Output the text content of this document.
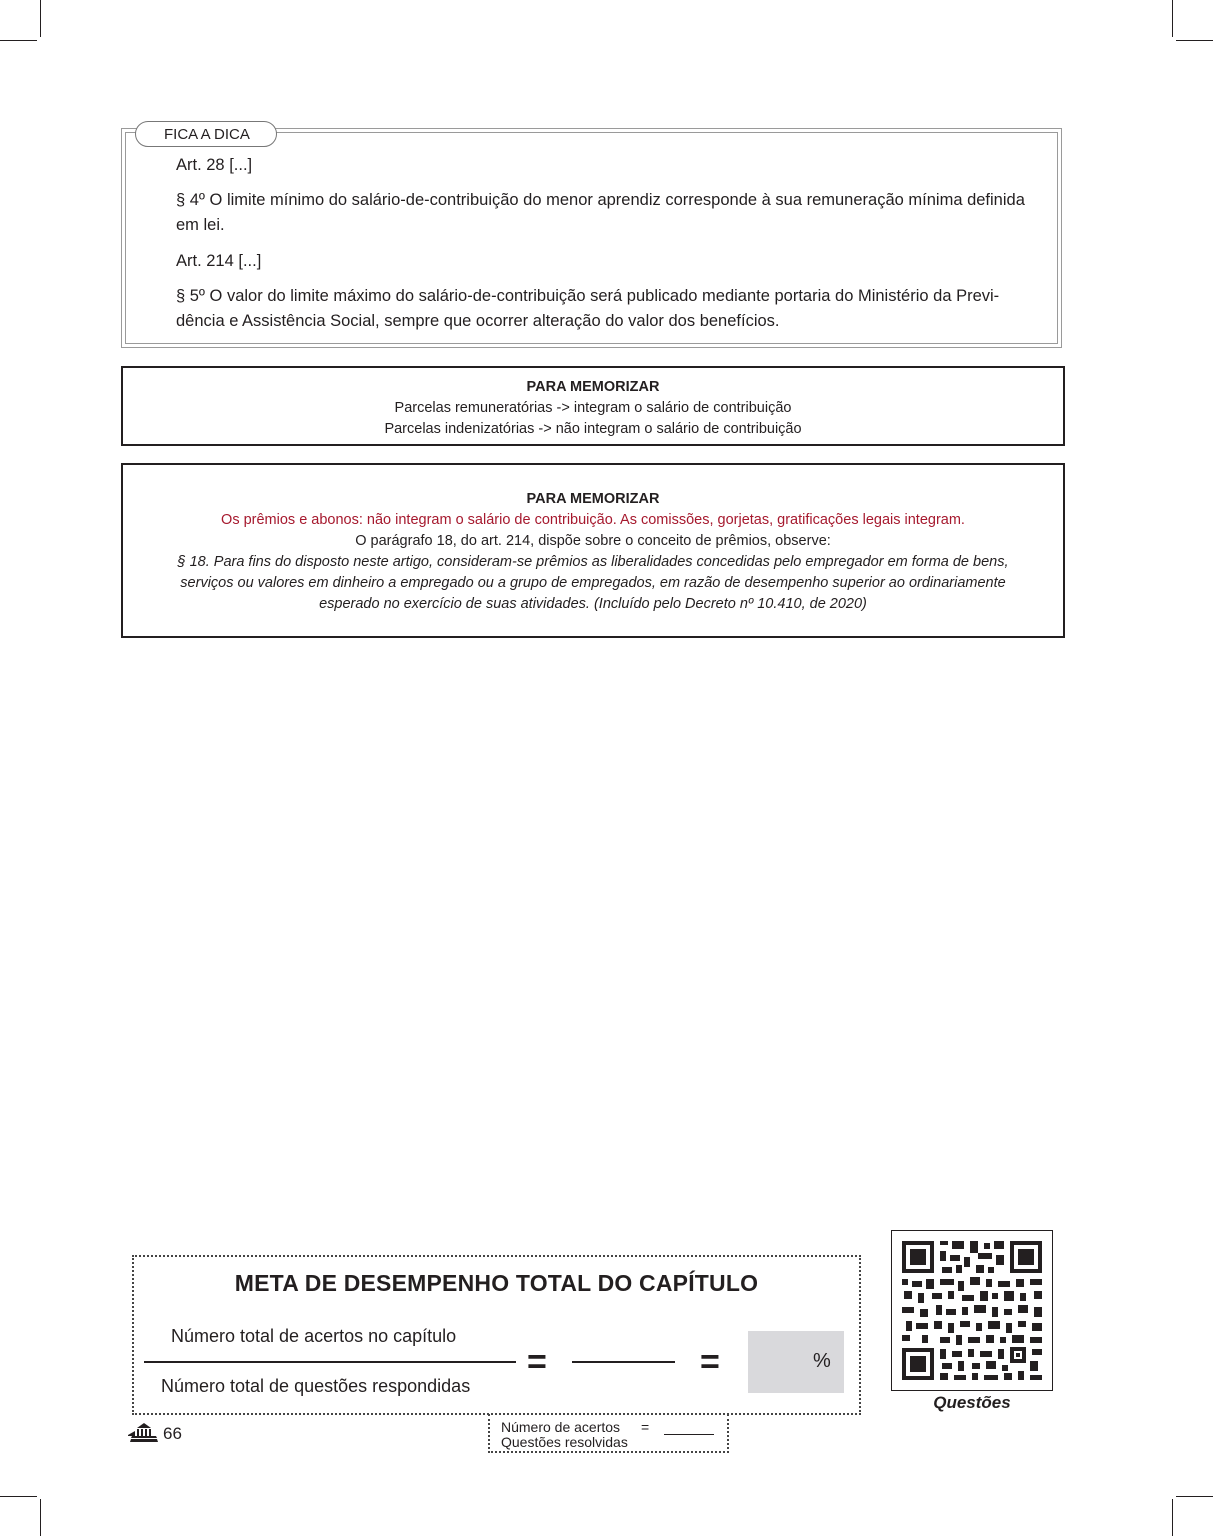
FICA A DICA

Art. 28 [...]

§ 4º O limite mínimo do salário-de-contribuição do menor aprendiz corresponde à sua remuneração mínima definida

em lei.

Art. 214 [...]

§ 5º O valor do limite máximo do salário-de-contribuição será publicado mediante portaria do Ministério da Previ-

dência e Assistência Social, sempre que ocorrer alteração do valor dos benefícios.

PARA MEMORIZAR
Parcelas remuneratórias -> integram o salário de contribuição
Parcelas indenizatórias -> não integram o salário de contribuição
PARA MEMORIZAR
Os prêmios e abonos: não integram o salário de contribuição. As comissões, gorjetas, gratificações legais integram.
O parágrafo 18, do art. 214, dispõe sobre o conceito de prêmios, observe:
§ 18. Para fins do disposto neste artigo, consideram-se prêmios as liberalidades concedidas pelo empregador em forma de bens,
serviços ou valores em dinheiro a empregado ou a grupo de empregados, em razão de desempenho superior ao ordinariamente
esperado no exercício de suas atividades. (Incluído pelo Decreto nº 10.410, de 2020)
META DE DESEMPENHO TOTAL DO CAPÍTULO
Número total de acertos no capítulo
Número total de questões respondidas
=	=	%
Questões
66	Número de acertos
Questões resolvidas
=
